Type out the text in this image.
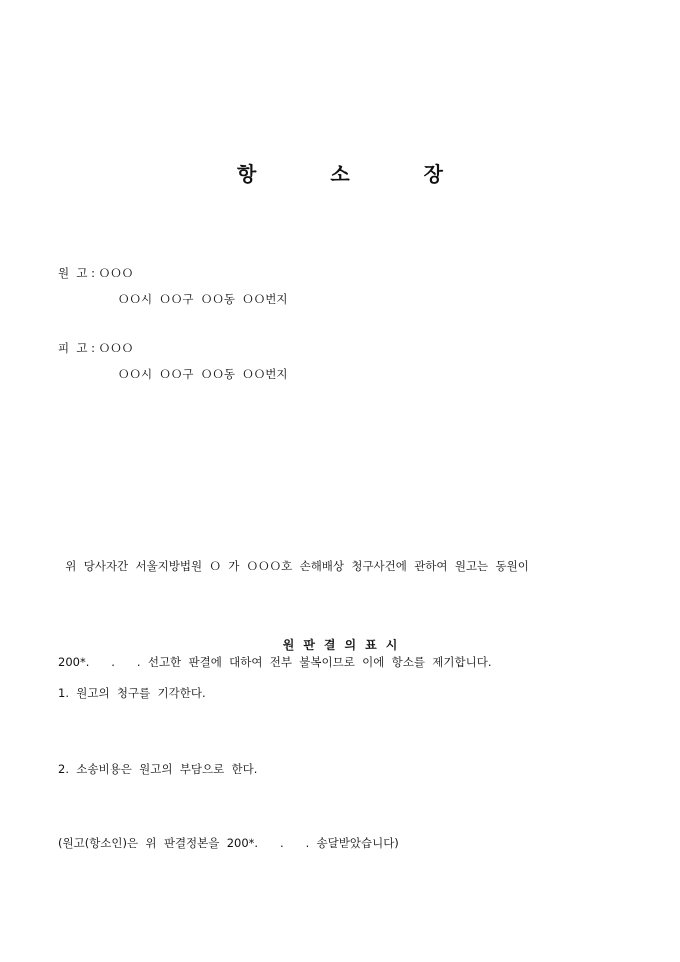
항	소	장
원  고 : ＯＯＯ
ＯＯ시  ＯＯ구  ＯＯ동  ＯＯ번지
피  고 : ＯＯＯ
ＯＯ시  ＯＯ구  ＯＯ동  ＯＯ번지

위  당사자간  서울지방법원  Ｏ  가  ＯＯＯ호  손해배상  청구사건에  관하여  원고는  동원이

200*.      .      .  선고한  판결에  대하여  전부  불복이므로  이에  항소를  제기합니다.

원 판 결 의 표 시
1.  원고의  청구를  기각한다.
2.  소송비용은  원고의  부담으로  한다.
(원고(항소인)은  위  판결정본을  200*.      .      .  송달받았습니다)
